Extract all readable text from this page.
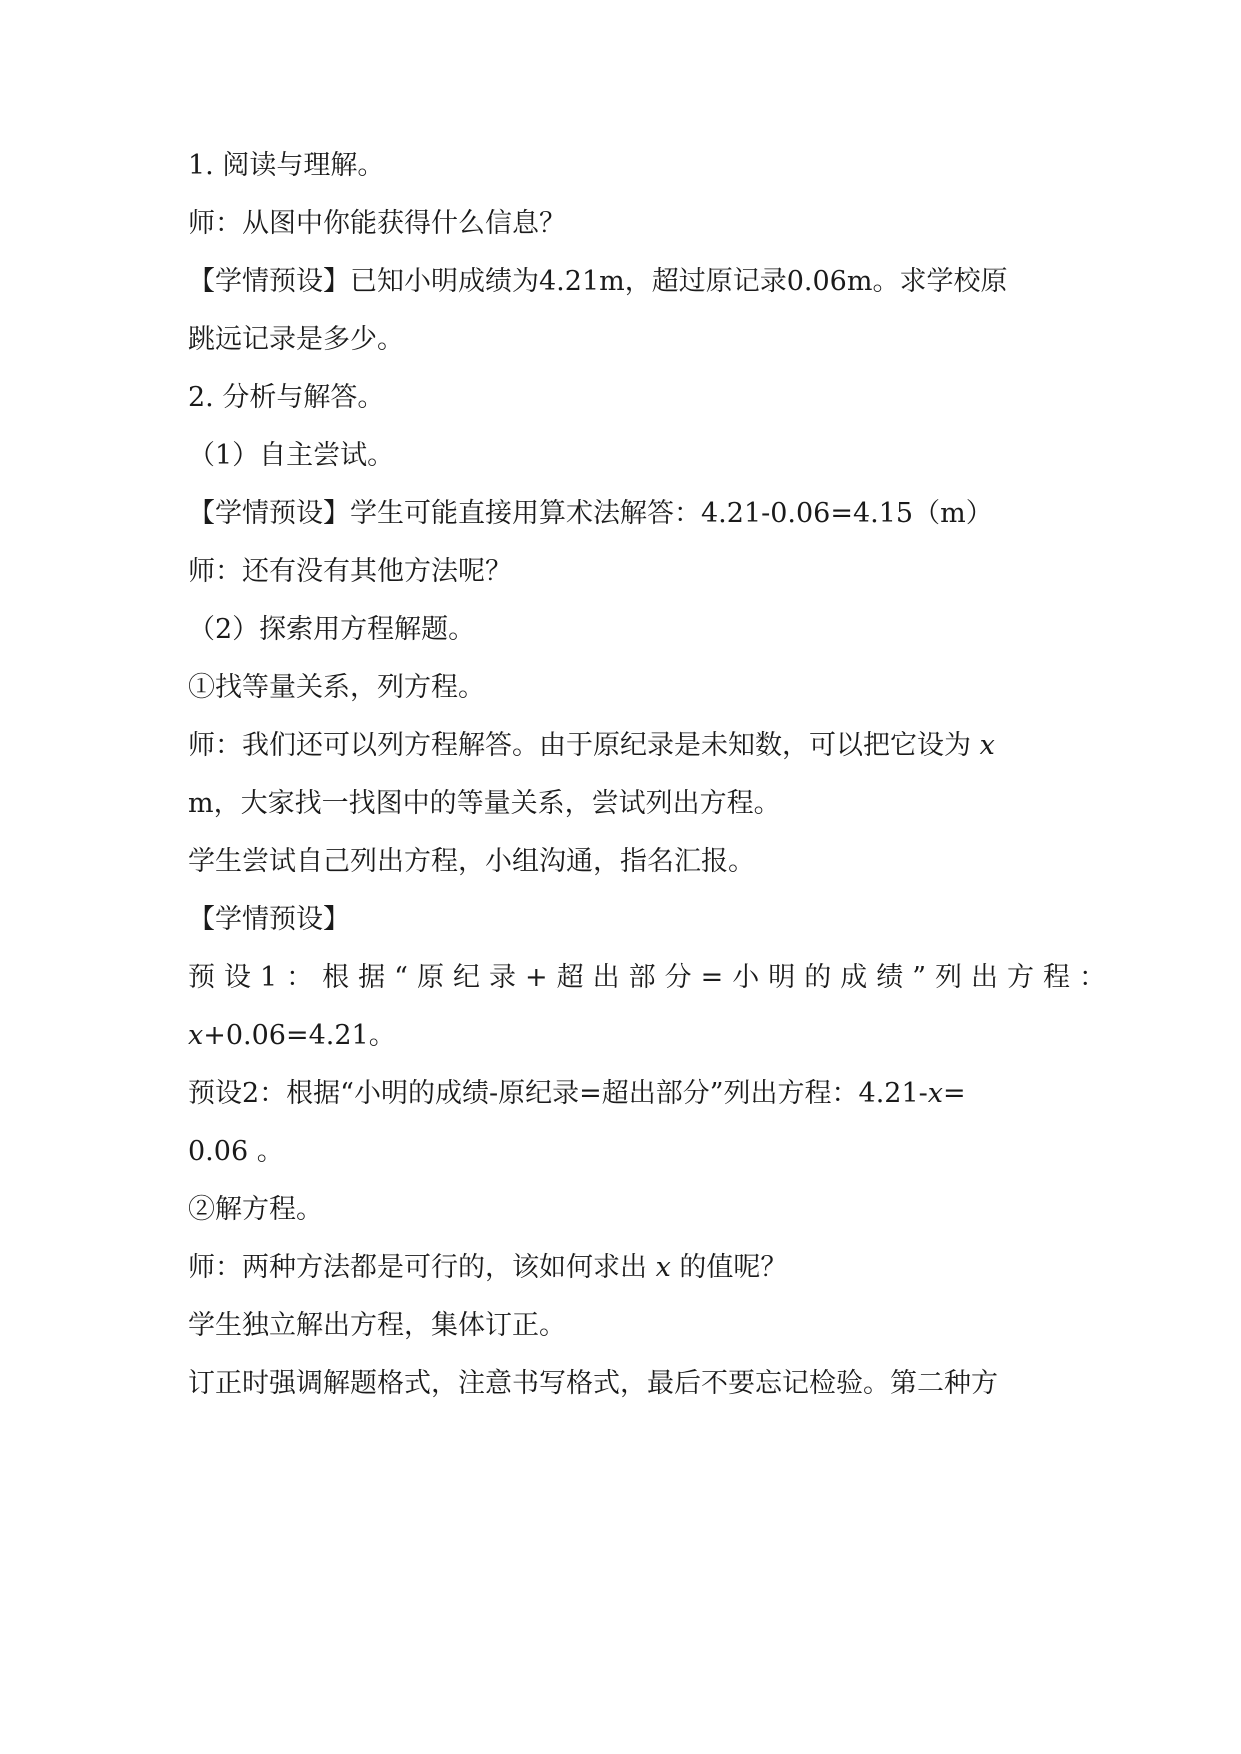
1. 阅读与理解。
师：从图中你能获得什么信息？
【学情预设】已知小明成绩为4.21m，超过原记录0.06m。求学校原
跳远记录是多少。
2. 分析与解答。
（1）自主尝试。
【学情预设】学生可能直接用算术法解答：4.21-0.06=4.15（m）
师：还有没有其他方法呢？
（2）探索用方程解题。
①找等量关系，列方程。
师：我们还可以列方程解答。由于原纪录是未知数，可以把它设为 x
m，大家找一找图中的等量关系，尝试列出方程。
学生尝试自己列出方程，小组沟通，指名汇报。
【学情预设】
预设1：根据“原纪录+超出部分=小明的成绩”列出方程：
x+0.06=4.21。
预设2：根据“小明的成绩-原纪录=超出部分”列出方程：4.21-x=
0.06 。
②解方程。
师：两种方法都是可行的，该如何求出 x 的值呢？
学生独立解出方程，集体订正。
订正时强调解题格式，注意书写格式，最后不要忘记检验。第二种方
